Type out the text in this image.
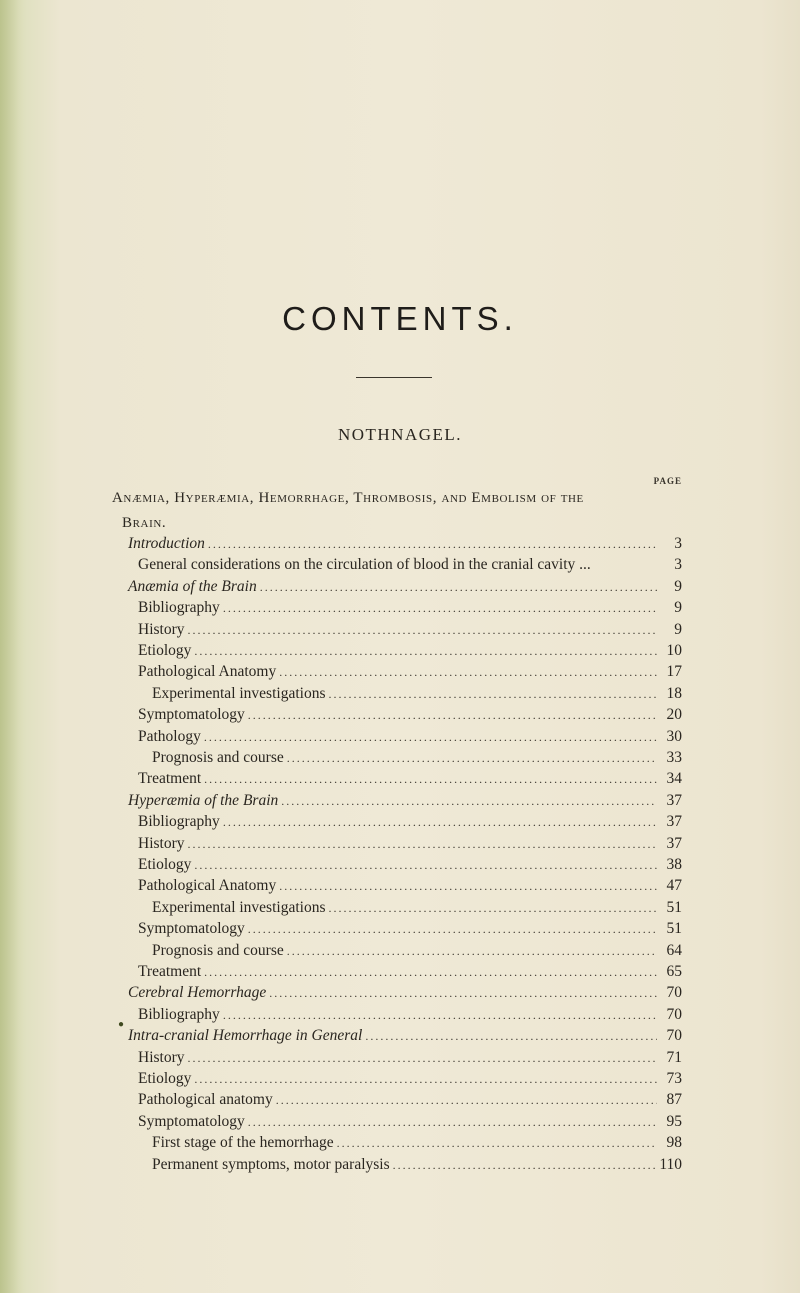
CONTENTS.
NOTHNAGEL.
PAGE
Anæmia, Hyperæmia, Hemorrhage, Thrombosis, and Embolism of the
Brain.
Introduction .....	3
General considerations on the circulation of blood in the cranial cavity ...	3
Anæmia of the Brain .....	9
Bibliography .....	9
History .....	9
Etiology .....	10
Pathological Anatomy .....	17
Experimental investigations .....	18
Symptomatology .....	20
Pathology .....	30
Prognosis and course .....	33
Treatment .....	34
Hyperæmia of the Brain .....	37
Bibliography .....	37
History .....	37
Etiology .....	38
Pathological Anatomy .....	47
Experimental investigations .....	51
Symptomatology .....	51
Prognosis and course .....	64
Treatment .....	65
Cerebral Hemorrhage .....	70
Bibliography .....	70
Intra-cranial Hemorrhage in General .....	70
History .....	71
Etiology .....	73
Pathological anatomy .....	87
Symptomatology .....	95
First stage of the hemorrhage .....	98
Permanent symptoms, motor paralysis .....	110
●
